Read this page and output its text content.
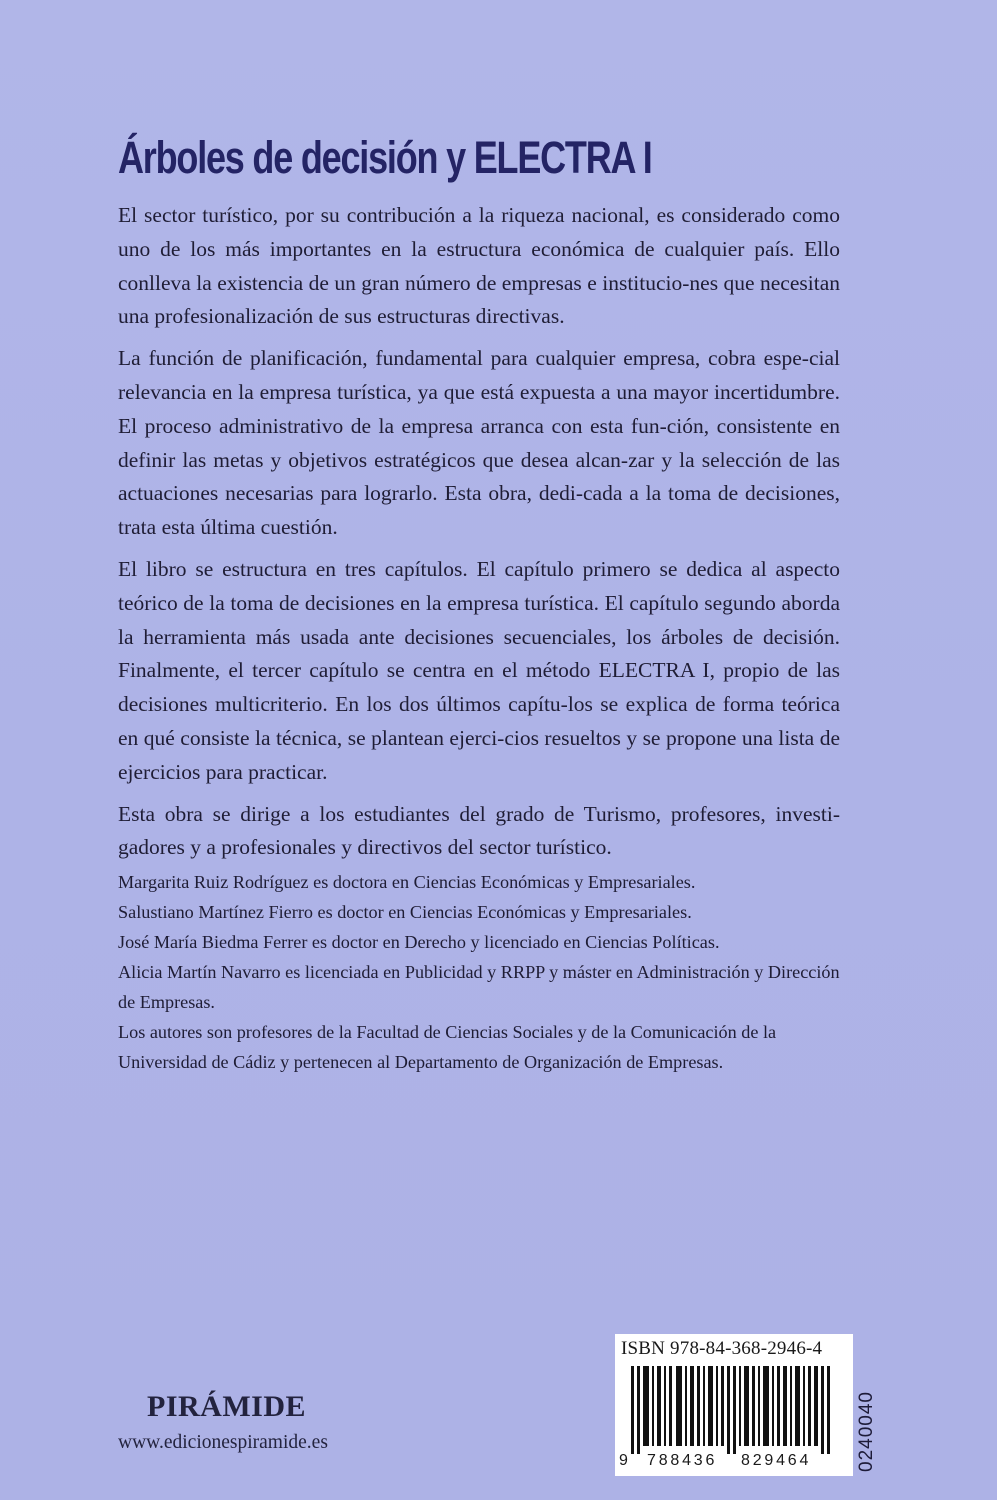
Árboles de decisión y ELECTRA I

El sector turístico, por su contribución a la riqueza nacional, es considerado como uno de los más importantes en la estructura económica de cualquier país. Ello conlleva la existencia de un gran número de empresas e institucio-nes que necesitan una profesionalización de sus estructuras directivas.

La función de planificación, fundamental para cualquier empresa, cobra espe-cial relevancia en la empresa turística, ya que está expuesta a una mayor incertidumbre. El proceso administrativo de la empresa arranca con esta fun-ción, consistente en definir las metas y objetivos estratégicos que desea alcan-zar y la selección de las actuaciones necesarias para lograrlo. Esta obra, dedi-cada a la toma de decisiones, trata esta última cuestión.

El libro se estructura en tres capítulos. El capítulo primero se dedica al aspecto teórico de la toma de decisiones en la empresa turística. El capítulo segundo aborda la herramienta más usada ante decisiones secuenciales, los árboles de decisión. Finalmente, el tercer capítulo se centra en el método ELECTRA I, propio de las decisiones multicriterio. En los dos últimos capítu-los se explica de forma teórica en qué consiste la técnica, se plantean ejerci-cios resueltos y se propone una lista de ejercicios para practicar.

Esta obra se dirige a los estudiantes del grado de Turismo, profesores, investi-gadores y a profesionales y directivos del sector turístico.

Margarita Ruiz Rodríguez es doctora en Ciencias Económicas y Empresariales.

Salustiano Martínez Fierro es doctor en Ciencias Económicas y Empresariales.

José María Biedma Ferrer es doctor en Derecho y licenciado en Ciencias Políticas.

Alicia Martín Navarro es licenciada en Publicidad y RRPP y máster en Administración y Dirección de Empresas.

Los autores son profesores de la Facultad de Ciencias Sociales y de la Comunicación de la Universidad de Cádiz y pertenecen al Departamento de Organización de Empresas.

PIRÁMIDE

www.edicionespiramide.es

ISBN 978-84-368-2946-4
9 788436 829464 0240040
